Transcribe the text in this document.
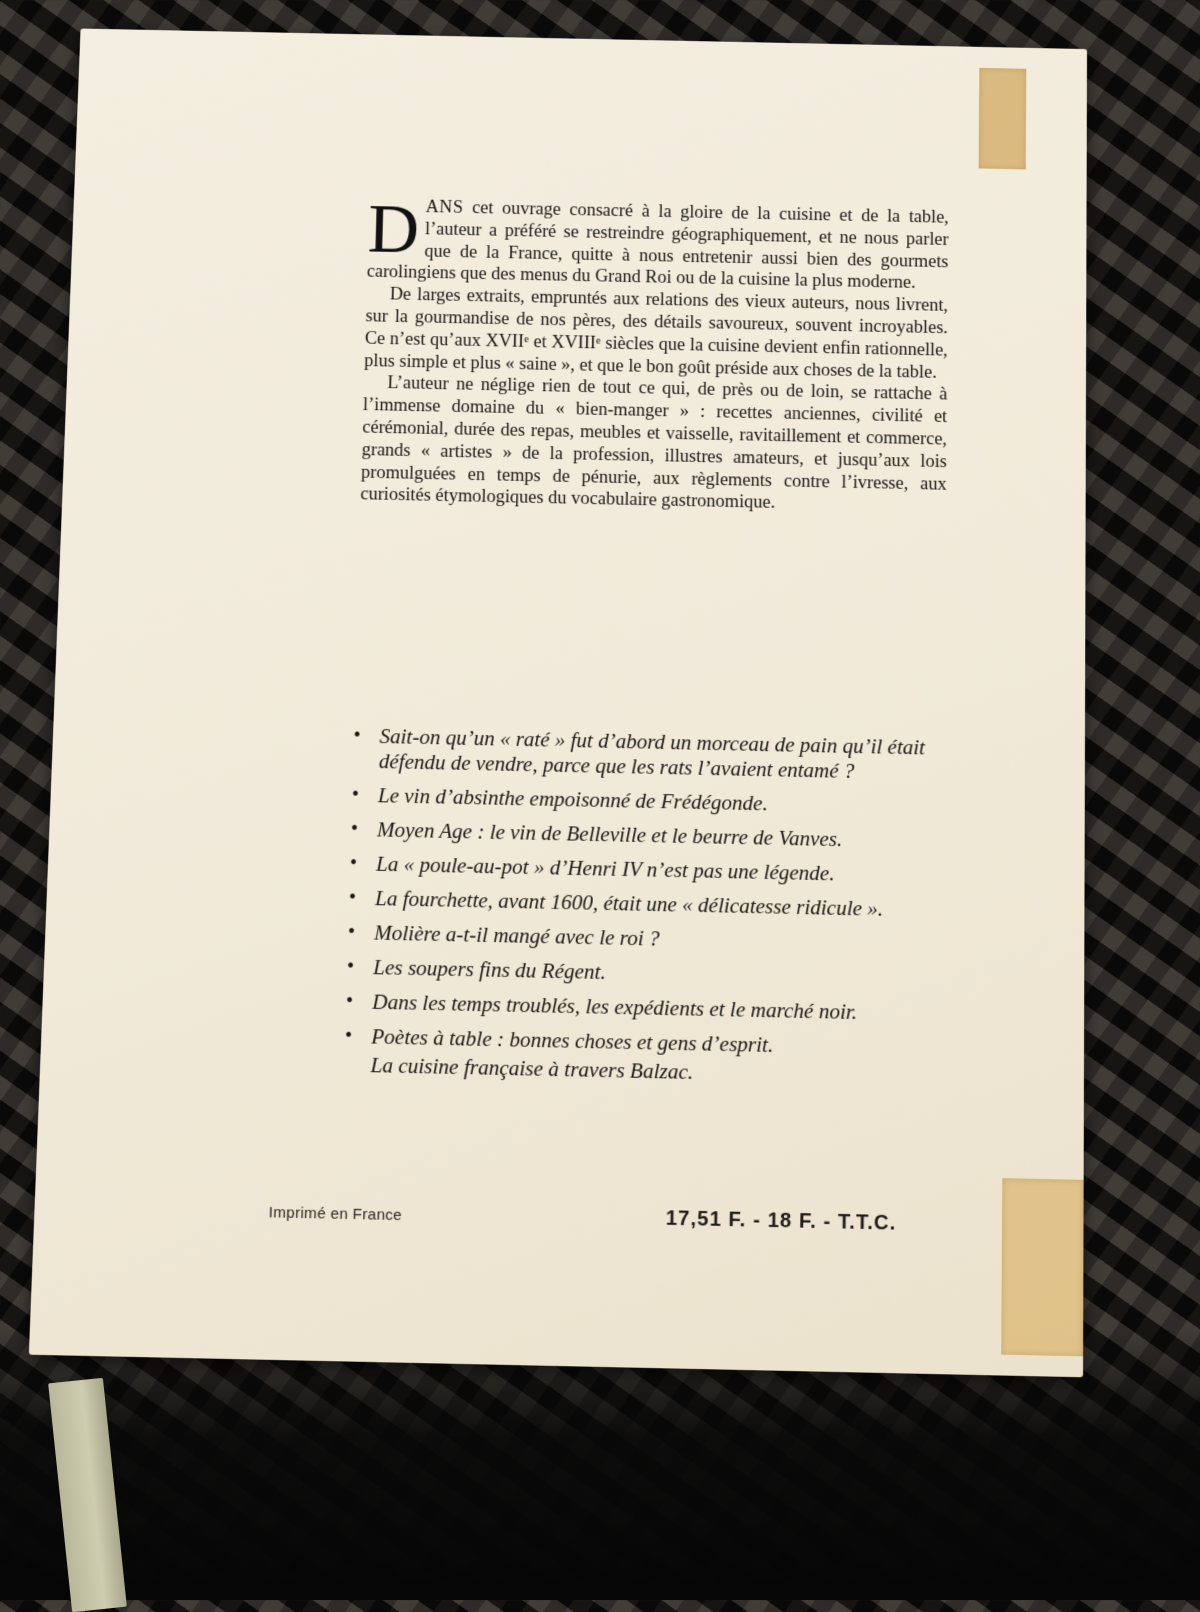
DANS cet ouvrage consacré à la gloire de la cuisine et de la table, l’auteur a préféré se restreindre géographiquement, et ne nous parler que de la France, quitte à nous entretenir aussi bien des gourmets carolingiens que des menus du Grand Roi ou de la cuisine la plus moderne.

De larges extraits, empruntés aux relations des vieux auteurs, nous livrent, sur la gourmandise de nos pères, des détails savoureux, souvent incroyables. Ce n’est qu’aux XVIIᵉ et XVIIIᵉ siècles que la cuisine devient enfin rationnelle, plus simple et plus « saine », et que le bon goût préside aux choses de la table.

L’auteur ne néglige rien de tout ce qui, de près ou de loin, se rattache à l’immense domaine du « bien-manger » : recettes anciennes, civilité et cérémonial, durée des repas, meubles et vaisselle, ravitaillement et commerce, grands « artistes » de la profession, illustres amateurs, et jusqu’aux lois promulguées en temps de pénurie, aux règlements contre l’ivresse, aux curiosités étymologiques du vocabulaire gastronomique.

• Sait-on qu’un « raté » fut d’abord un morceau de pain qu’il était défendu de vendre, parce que les rats l’avaient entamé ?
• Le vin d’absinthe empoisonné de Frédégonde.
• Moyen Age : le vin de Belleville et le beurre de Vanves.
• La « poule-au-pot » d’Henri IV n’est pas une légende.
• La fourchette, avant 1600, était une « délicatesse ridicule ».
• Molière a-t-il mangé avec le roi ?
• Les soupers fins du Régent.
• Dans les temps troublés, les expédients et le marché noir.
• Poètes à table : bonnes choses et gens d’esprit.
La cuisine française à travers Balzac.
Imprimé en France	17,51 F. - 18 F. - T.T.C.
